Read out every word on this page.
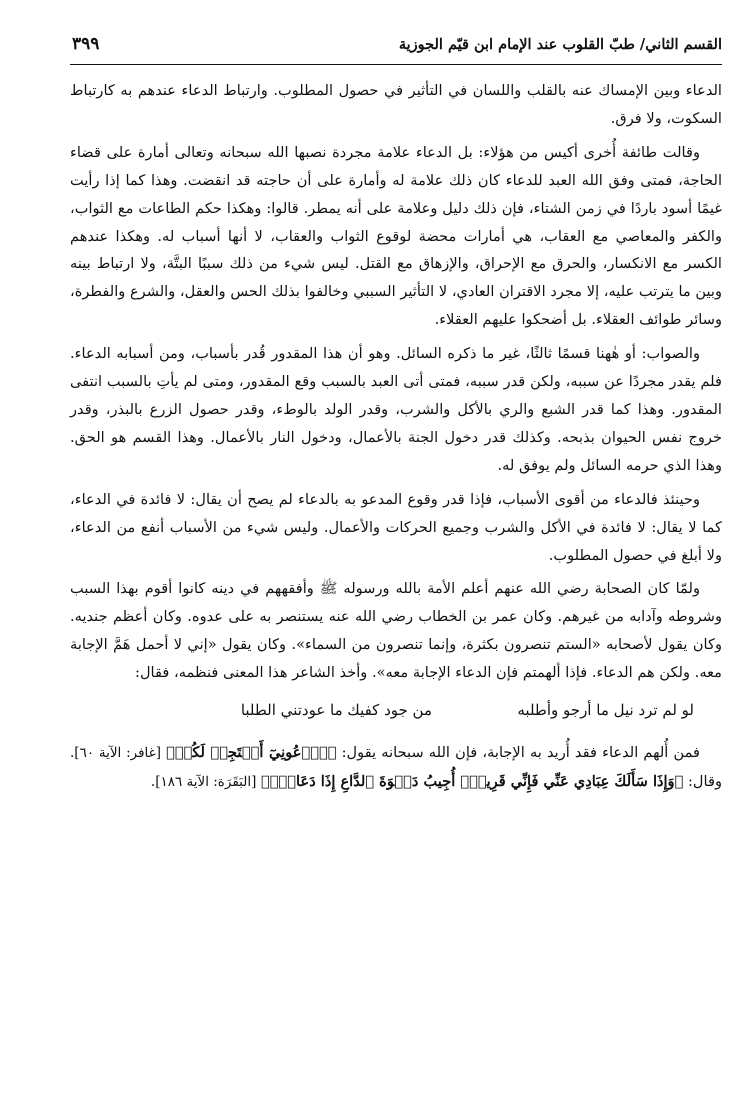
القسم الثاني/ طبّ القلوب عند الإمام ابن قيّم الجوزية
٣٩٩

الدعاء وبين الإمساك عنه بالقلب واللسان في التأثير في حصول المطلوب. وارتباط الدعاء عندهم به كارتباط السكوت، ولا فرق.

وقالت طائفة أُخرى أكيس من هؤلاء: بل الدعاء علامة مجردة نصبها الله سبحانه وتعالى أمارة على قضاء الحاجة، فمتى وفق الله العبد للدعاء كان ذلك علامة له وأمارة على أن حاجته قد انقضت. وهذا كما إذا رأيت غيمًا أسود باردًا في زمن الشتاء، فإن ذلك دليل وعلامة على أنه يمطر. قالوا: وهكذا حكم الطاعات مع الثواب، والكفر والمعاصي مع العقاب، هي أمارات محضة لوقوع الثواب والعقاب، لا أنها أسباب له. وهكذا عندهم الكسر مع الانكسار، والحرق مع الإحراق، والإزهاق مع القتل. ليس شيء من ذلك سببًا البتَّة، ولا ارتباط بينه وبين ما يترتب عليه، إلا مجرد الاقتران العادي، لا التأثير السببي وخالفوا بذلك الحس والعقل، والشرع والفطرة، وسائر طوائف العقلاء. بل أضحكوا عليهم العقلاء.

والصواب: أو هٰهنا قسمًا ثالثًا، غير ما ذكره السائل. وهو أن هذا المقدور قُدر بأسباب، ومن أسبابه الدعاء. فلم يقدر مجردًا عن سببه، ولكن قدر سببه، فمتى أتى العبد بالسبب وقع المقدور، ومتى لم يأتِ بالسبب انتفى المقدور. وهذا كما قدر الشبع والري بالأكل والشرب، وقدر الولد بالوطء، وقدر حصول الزرع بالبذر، وقدر خروج نفس الحيوان بذبحه. وكذلك قدر دخول الجنة بالأعمال، ودخول النار بالأعمال. وهذا القسم هو الحق. وهذا الذي حرمه السائل ولم يوفق له.

وحينئذ فالدعاء من أقوى الأسباب، فإذا قدر وقوع المدعو به بالدعاء لم يصح أن يقال: لا فائدة في الدعاء، كما لا يقال: لا فائدة في الأكل والشرب وجميع الحركات والأعمال. وليس شيء من الأسباب أنفع من الدعاء، ولا أبلغ في حصول المطلوب.

ولمّا كان الصحابة رضي الله عنهم أعلم الأمة بالله ورسوله ﷺ وأفقههم في دينه كانوا أقوم بهذا السبب وشروطه وآدابه من غيرهم. وكان عمر بن الخطاب رضي الله عنه يستنصر به على عدوه. وكان أعظم جنديه. وكان يقول لأصحابه «الستم تنصرون بكثرة، وإنما تنصرون من السماء». وكان يقول «إني لا أحمل هَمَّ الإجابة معه. ولكن هم الدعاء. فإذا ألهمتم فإن الدعاء الإجابة معه». وأخذ الشاعر هذا المعنى فنظمه، فقال:

لو لم ترد نيل ما أرجو وأطلبه
من جود كفيك ما عودتني الطلبا

فمن أُلهم الدعاء فقد أُريد به الإجابة، فإن الله سبحانه يقول: ﴿ٱدۡعُونِيٓ أَسۡتَجِبۡ لَكُمۡ﴾ [غافر: الآية ٦٠]. وقال: ﴿وَإِذَا سَأَلَكَ عِبَادِي عَنِّي فَإِنِّي قَرِيبٌۖ أُجِيبُ دَعۡوَةَ ٱلدَّاعِ إِذَا دَعَانِۖ﴾ [البَقَرَة: الآية ١٨٦].
